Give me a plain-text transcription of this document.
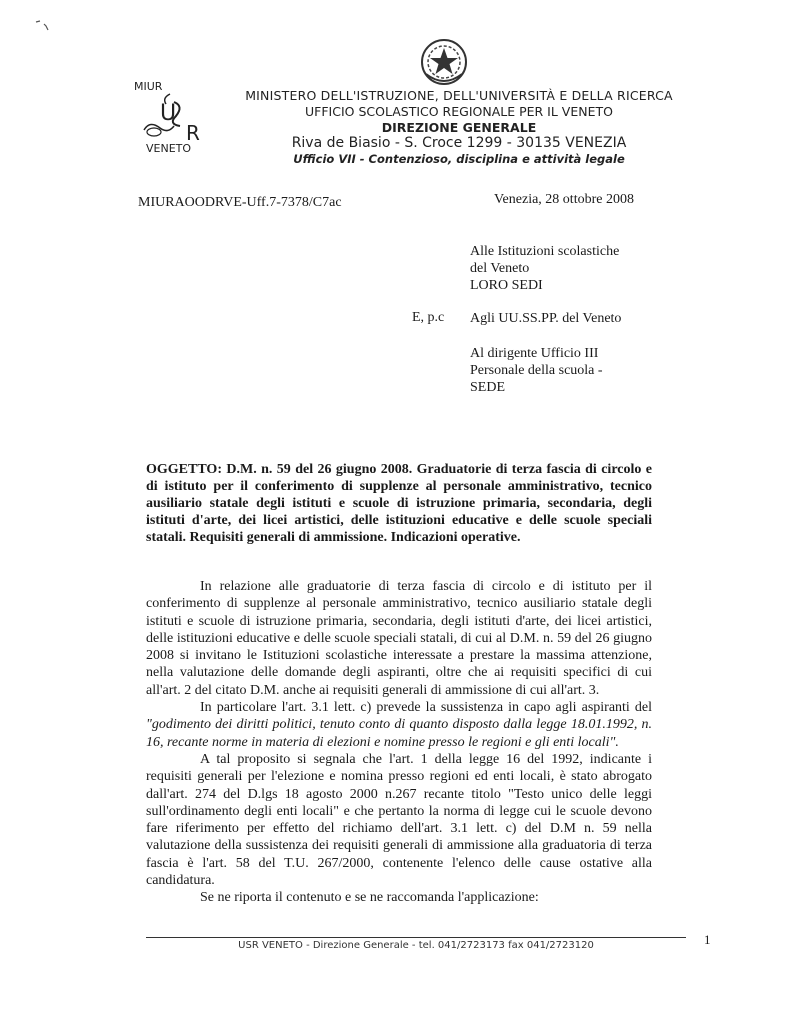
MIUR
U
R
VENETO
MINISTERO DELL'ISTRUZIONE, DELL'UNIVERSITÀ E DELLA RICERCA
UFFICIO SCOLASTICO REGIONALE PER IL VENETO
DIREZIONE GENERALE
Riva de Biasio - S. Croce 1299 - 30135 VENEZIA
Ufficio VII - Contenzioso, disciplina e attività legale
MIURAOODRVE-Uff.7-7378/C7ac	Venezia, 28 ottobre 2008
Alle Istituzioni scolastiche
del Veneto
LORO SEDI
E, p.c Agli UU.SS.PP. del Veneto
Al dirigente Ufficio III
Personale della scuola -
SEDE
OGGETTO: D.M. n. 59 del 26 giugno 2008. Graduatorie di terza fascia di circolo e di istituto per il conferimento di supplenze al personale amministrativo, tecnico ausiliario statale degli istituti e scuole di istruzione primaria, secondaria, degli istituti d'arte, dei licei artistici, delle istituzioni educative e delle scuole speciali statali. Requisiti generali di ammissione. Indicazioni operative.

In relazione alle graduatorie di terza fascia di circolo e di istituto per il conferimento di supplenze al personale amministrativo, tecnico ausiliario statale degli istituti e scuole di istruzione primaria, secondaria, degli istituti d'arte, dei licei artistici, delle istituzioni educative e delle scuole speciali statali, di cui al D.M. n. 59 del 26 giugno 2008 si invitano le Istituzioni scolastiche interessate a prestare la massima attenzione, nella valutazione delle domande degli aspiranti, oltre che ai requisiti specifici di cui all'art. 2 del citato D.M. anche ai requisiti generali di ammissione di cui all'art. 3.

In particolare l'art. 3.1 lett. c) prevede la sussistenza in capo agli aspiranti del "godimento dei diritti politici, tenuto conto di quanto disposto dalla legge 18.01.1992, n. 16, recante norme in materia di elezioni e nomine presso le regioni e gli enti locali".

A tal proposito si segnala che l'art. 1 della legge 16 del 1992, indicante i requisiti generali per l'elezione e nomina presso regioni ed enti locali, è stato abrogato dall'art. 274 del D.lgs 18 agosto 2000 n.267 recante titolo "Testo unico delle leggi sull'ordinamento degli enti locali" e che pertanto la norma di legge cui le scuole devono fare riferimento per effetto del richiamo dell'art. 3.1 lett. c) del D.M n. 59 nella valutazione della sussistenza dei requisiti generali di ammissione alla graduatoria di terza fascia è l'art. 58 del T.U. 267/2000, contenente l'elenco delle cause ostative alla candidatura.

Se ne riporta il contenuto e se ne raccomanda l'applicazione:

USR VENETO - Direzione Generale - tel. 041/2723173 fax 041/2723120	1
